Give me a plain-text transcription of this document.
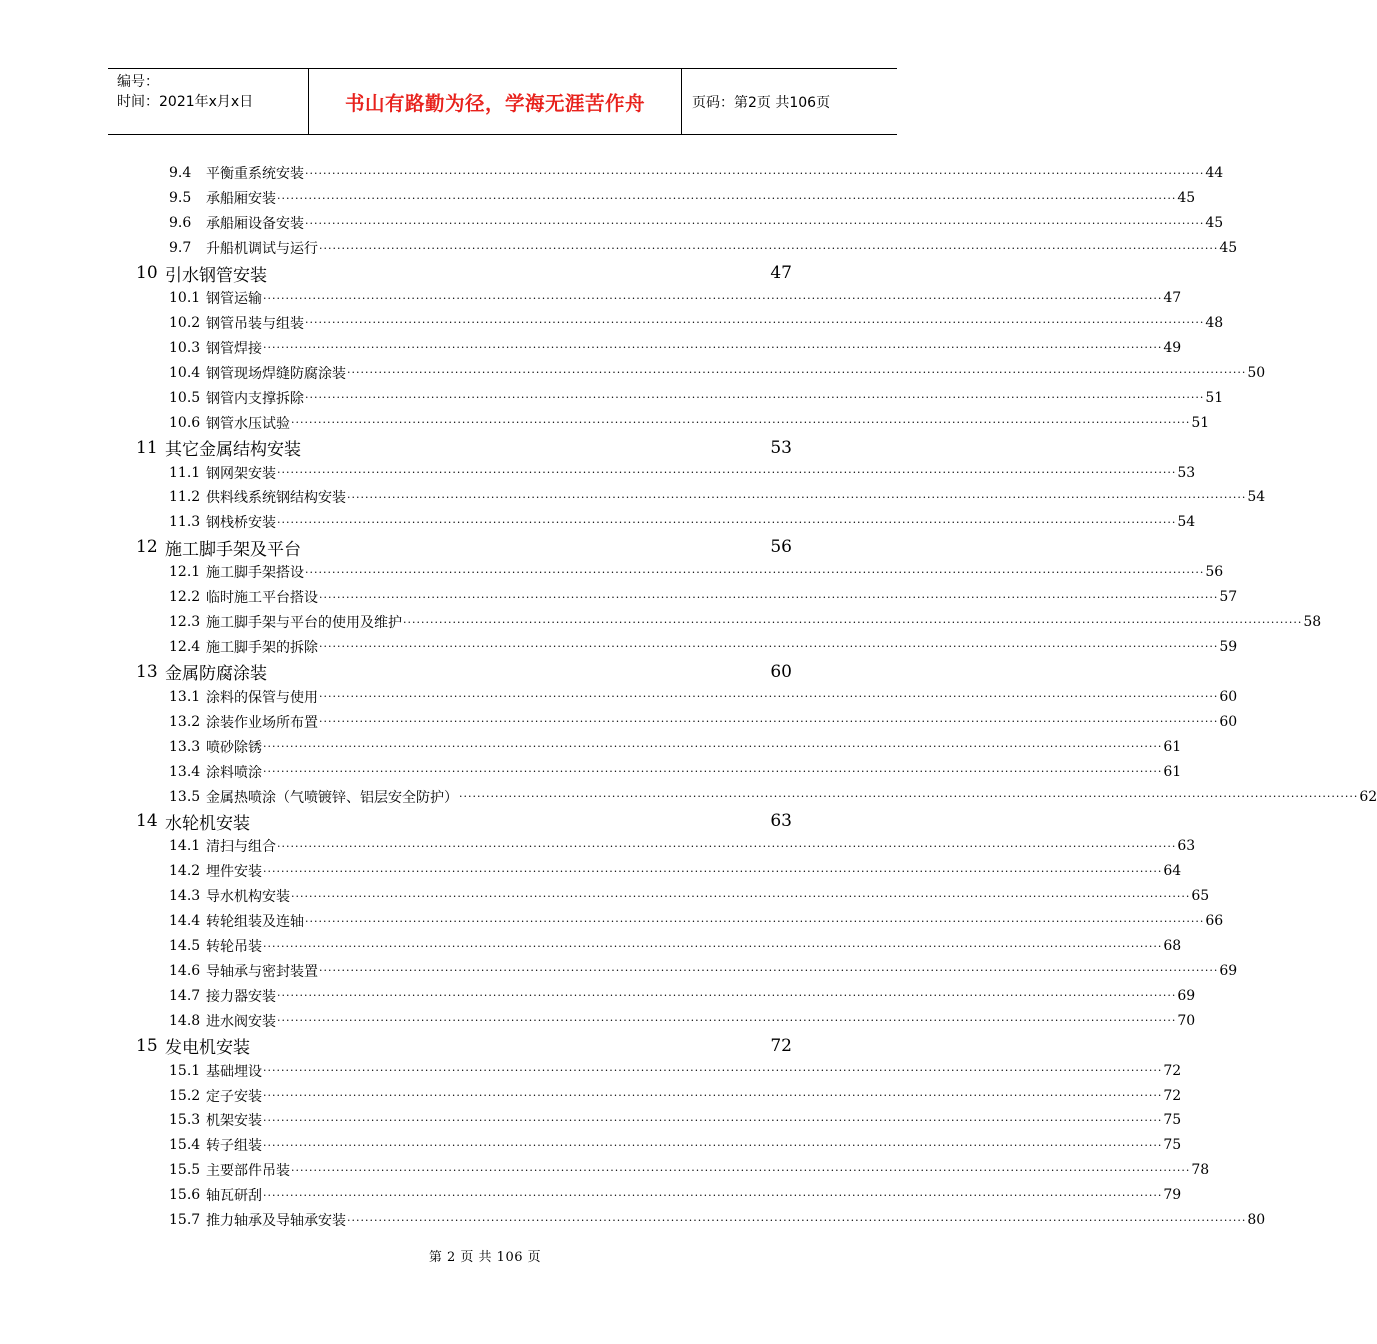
编号：
时间：2021年x月x日	书山有路勤为径，学海无涯苦作舟	页码：第2页 共106页
9.4	平衡重系统安装 ········································································································································································································ 44
9.5	承船厢安装 ········································································································································································································ 45
9.6	承船厢设备安装 ········································································································································································································ 45
9.7	升船机调试与运行 ········································································································································································································ 45
10 引水钢管安装	47
10.1 钢管运输 ········································································································································································································ 47
10.2 钢管吊装与组装 ········································································································································································································ 48
10.3 钢管焊接 ········································································································································································································ 49
10.4 钢管现场焊缝防腐涂装 ········································································································································································································ 50
10.5 钢管内支撑拆除 ········································································································································································································ 51
10.6 钢管水压试验 ········································································································································································································ 51
11 其它金属结构安装	53
11.1 钢网架安装 ········································································································································································································ 53
11.2 供料线系统钢结构安装 ········································································································································································································ 54
11.3 钢栈桥安装 ········································································································································································································ 54
12 施工脚手架及平台	56
12.1 施工脚手架搭设 ········································································································································································································ 56
12.2 临时施工平台搭设 ········································································································································································································ 57
12.3 施工脚手架与平台的使用及维护 ········································································································································································································ 58
12.4 施工脚手架的拆除 ········································································································································································································ 59
13 金属防腐涂装	60
13.1 涂料的保管与使用 ········································································································································································································ 60
13.2 涂装作业场所布置 ········································································································································································································ 60
13.3 喷砂除锈 ········································································································································································································ 61
13.4 涂料喷涂 ········································································································································································································ 61
13.5 金属热喷涂（气喷镀锌、铝层安全防护） ········································································································································································································ 62
14 水轮机安装	63
14.1 清扫与组合 ········································································································································································································ 63
14.2 埋件安装 ········································································································································································································ 64
14.3 导水机构安装 ········································································································································································································ 65
14.4 转轮组装及连轴 ········································································································································································································ 66
14.5 转轮吊装 ········································································································································································································ 68
14.6 导轴承与密封装置 ········································································································································································································ 69
14.7 接力器安装 ········································································································································································································ 69
14.8 进水阀安装 ········································································································································································································ 70
15 发电机安装	72
15.1 基础埋设 ········································································································································································································ 72
15.2 定子安装 ········································································································································································································ 72
15.3 机架安装 ········································································································································································································ 75
15.4 转子组装 ········································································································································································································ 75
15.5 主要部件吊装 ········································································································································································································ 78
15.6 轴瓦研刮 ········································································································································································································ 79
15.7 推力轴承及导轴承安装 ········································································································································································································ 80
第 2 页 共 106 页
